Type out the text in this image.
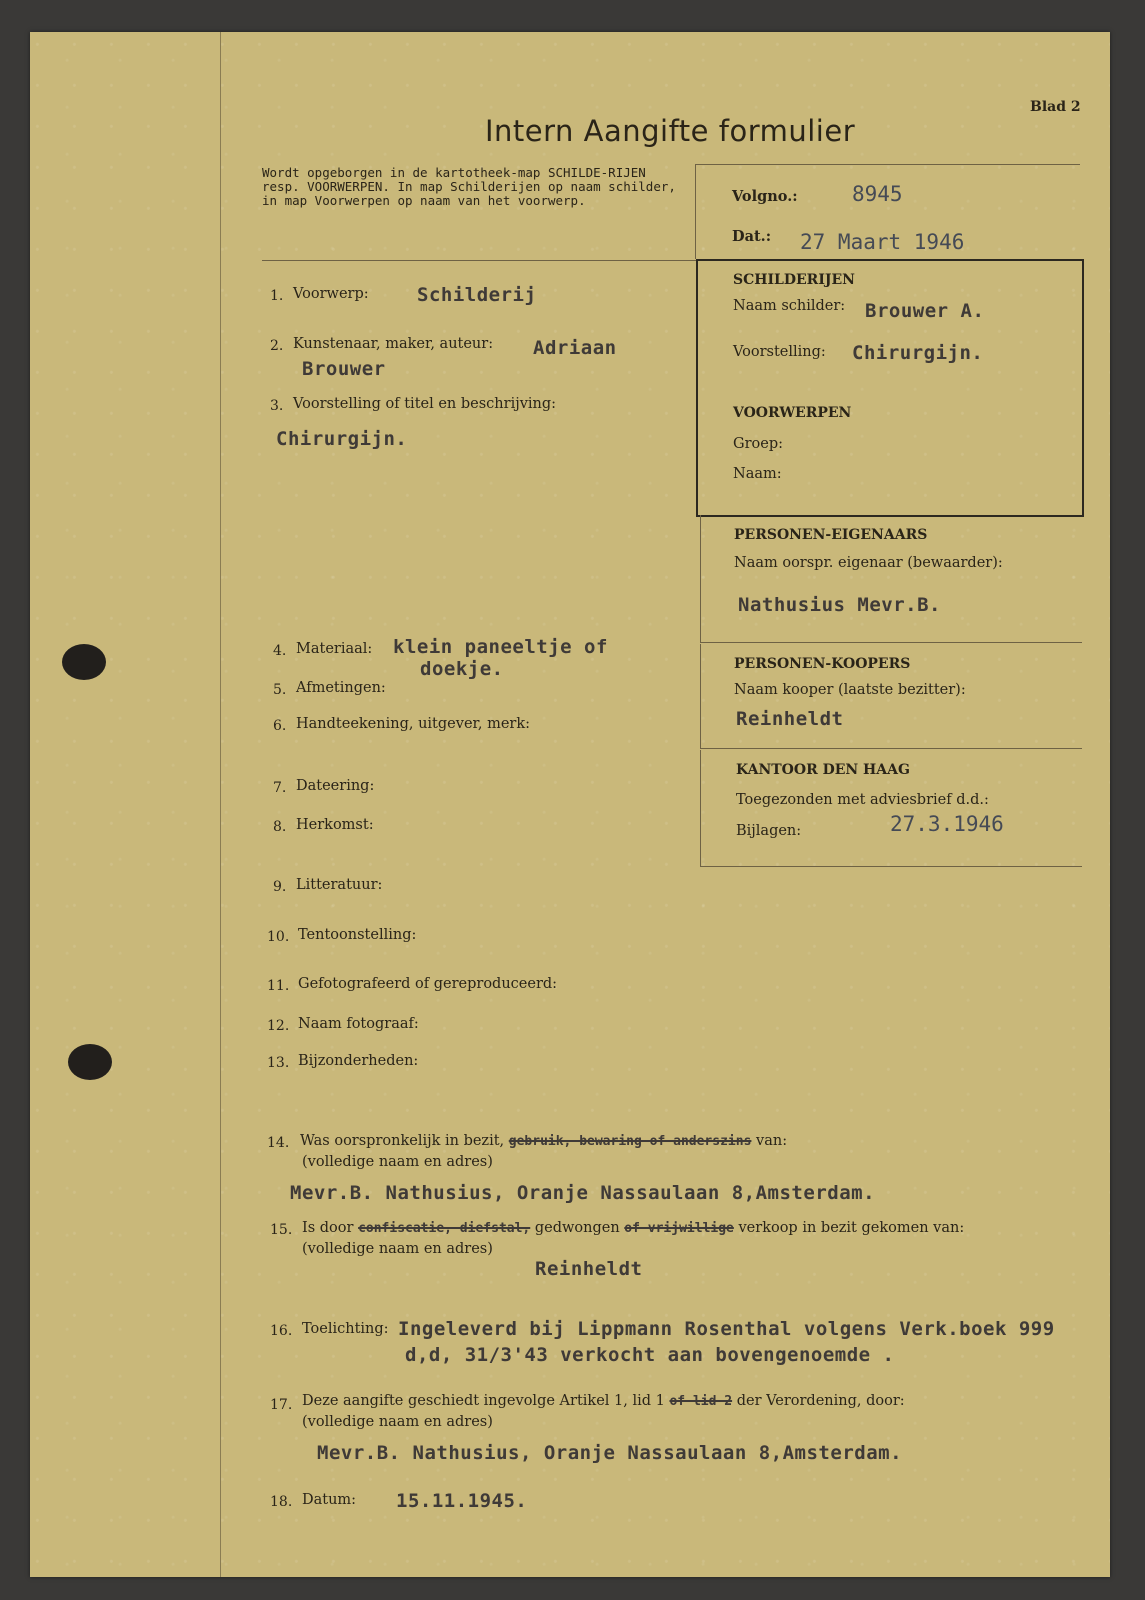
Blad 2
Intern Aangifte formulier
Wordt opgeborgen in de kartotheek-map SCHILDE-RIJEN resp. VOORWERPEN. In map Schilderijen op naam schilder, in map Voorwerpen op naam van het voorwerp.	Volgno.:	8945
Dat.: 27 Maart 1946
SCHILDERIJEN
Naam schilder: Brouwer A.
Voorstelling: Chirurgijn.
VOORWERPEN
Groep:
Naam:
PERSONEN-EIGENAARS
Naam oorspr. eigenaar (bewaarder):
Nathusius Mevr.B.
PERSONEN-KOOPERS
Naam kooper (laatste bezitter):
Reinheldt
KANTOOR DEN HAAG
Toegezonden met adviesbrief d.d.:
Bijlagen:	27.3.1946
1. Voorwerp:	Schilderij
2. Kunstenaar, maker, auteur: Adriaan
Brouwer
3. Voorstelling of titel en beschrijving:
Chirurgijn.
4. Materiaal: klein paneeltje of
doekje.
5. Afmetingen:
6. Handteekening, uitgever, merk:
7. Dateering:
8. Herkomst:
9. Litteratuur:
10. Tentoonstelling:
11. Gefotografeerd of gereproduceerd:
12. Naam fotograaf:
13. Bijzonderheden:
14. Was oorspronkelijk in bezit, gebruik, bewaring of anderszins van:
(volledige naam en adres)
Mevr.B. Nathusius, Oranje Nassaulaan 8,Amsterdam.
15. Is door confiscatie, diefstal, gedwongen of vrijwillige verkoop in bezit gekomen van:
(volledige naam en adres)
Reinheldt
16. Toelichting: Ingeleverd bij Lippmann Rosenthal volgens Verk.boek 999
d,d, 31/3'43 verkocht aan bovengenoemde .
17. Deze aangifte geschiedt ingevolge Artikel 1, lid 1 of lid 2 der Verordening, door:
(volledige naam en adres)
Mevr.B. Nathusius, Oranje Nassaulaan 8,Amsterdam.
18. Datum: 15.11.1945.
